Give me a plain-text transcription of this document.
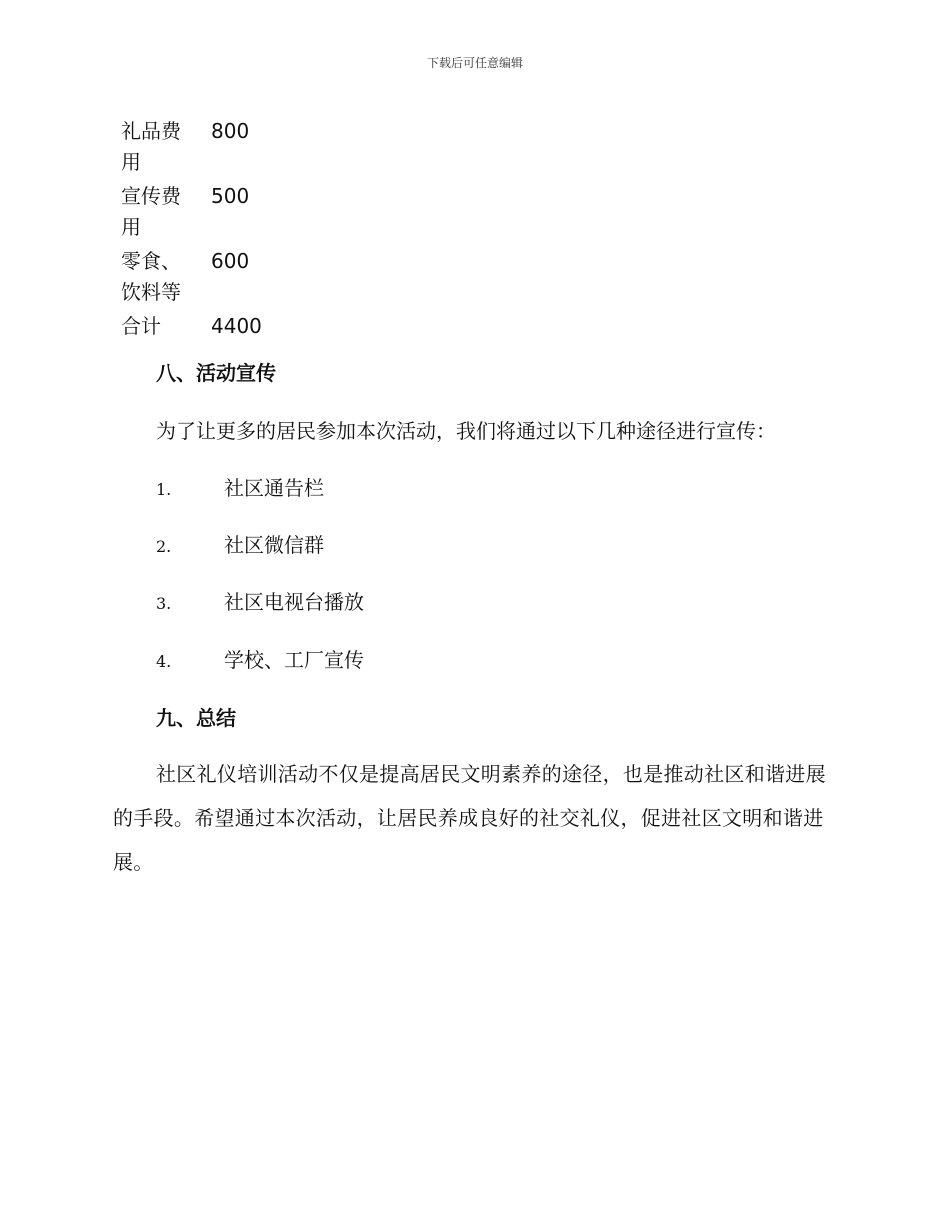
下载后可任意编辑
礼品费
用	800

宣传费
用	500

零食、
饮料等	600
合计	4400
八、活动宣传
为了让更多的居民参加本次活动，我们将通过以下几种途径进行宣传：
1.	社区通告栏
2.	社区微信群
3.	社区电视台播放
4.	学校、工厂宣传
九、总结
社区礼仪培训活动不仅是提高居民文明素养的途径，也是推动社区和谐进展的手段。希望通过本次活动，让居民养成良好的社交礼仪，促进社区文明和谐进展。
